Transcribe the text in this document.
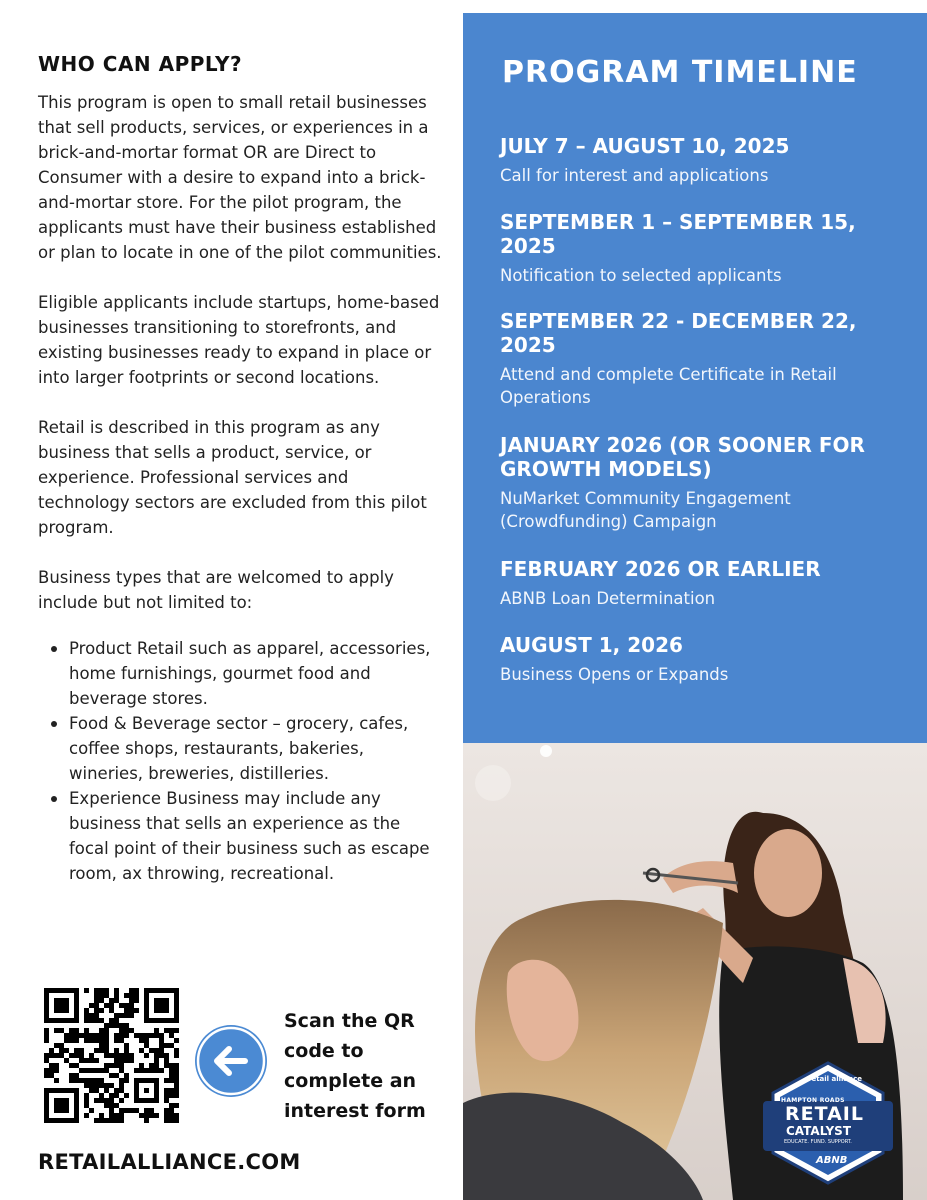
WHO CAN APPLY?

This program is open to small retail businesses that sell products, services, or experiences in a brick-and-mortar format OR are Direct to Consumer with a desire to expand into a brick-and-mortar store. For the pilot program, the applicants must have their business established or plan to locate in one of the pilot communities.

Eligible applicants include startups, home-based businesses transitioning to storefronts, and existing businesses ready to expand in place or into larger footprints or second locations.

Retail is described in this program as any business that sells a product, service, or experience. Professional services and technology sectors are excluded from this pilot program.

Business types that are welcomed to apply include but not limited to:

Product Retail such as apparel, accessories, home furnishings, gourmet food and beverage stores.
Food & Beverage sector – grocery, cafes, coffee shops, restaurants, bakeries, wineries, breweries, distilleries.
Experience Business may include any business that sells an experience as the focal point of their business such as escape room, ax throwing, recreational.
Scan the QR code to complete an interest form
RETAILALLIANCE.COM
PROGRAM TIMELINE
JULY 7 – AUGUST 10, 2025
Call for interest and applications
SEPTEMBER 1 – SEPTEMBER 15, 2025
Notification to selected applicants
SEPTEMBER 22 - DECEMBER 22, 2025
Attend and complete Certificate in Retail Operations
JANUARY 2026 (OR SOONER FOR GROWTH MODELS)
NuMarket Community Engagement (Crowdfunding) Campaign
FEBRUARY 2026 OR EARLIER
ABNB Loan Determination
AUGUST 1, 2026
Business Opens or Expands
retail alliance
HAMPTON ROADS
RETAIL
CATALYST
EDUCATE. FUND. SUPPORT.
ABNB
